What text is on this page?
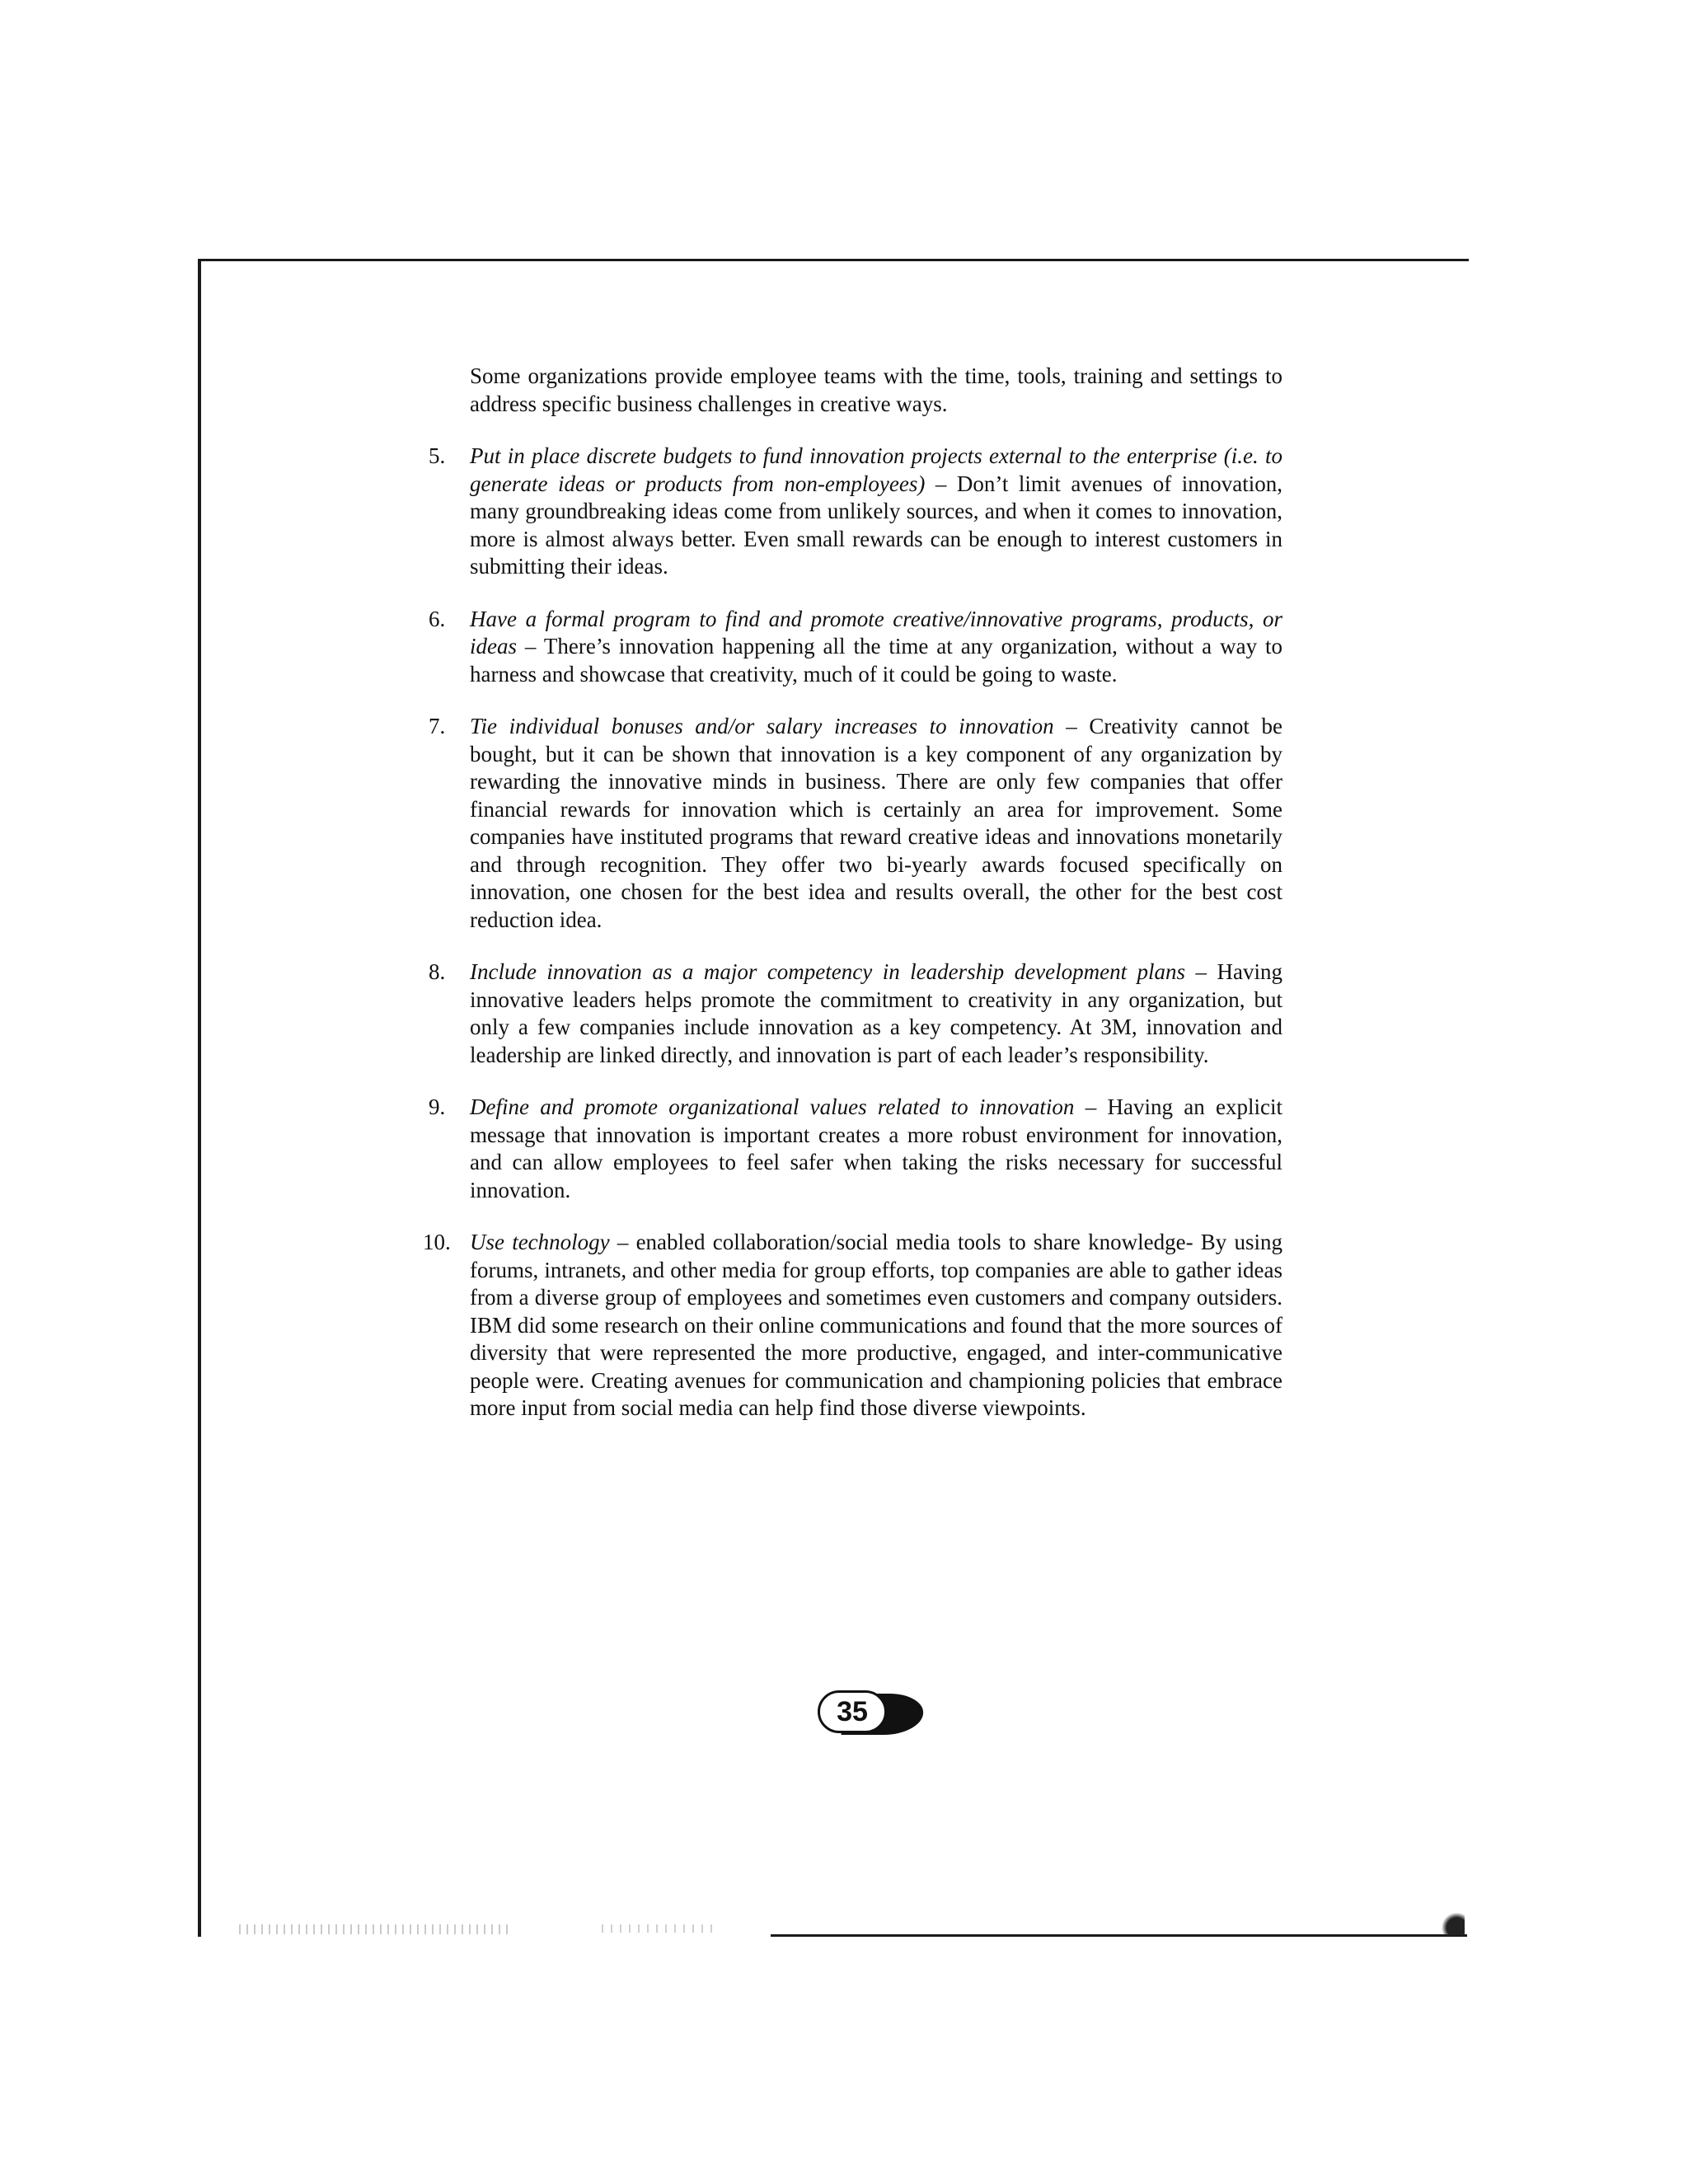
Some organizations provide employee teams with the time, tools, training and settings to address specific business challenges in creative ways.

5.	Put in place discrete budgets to fund innovation projects external to the enterprise (i.e. to generate ideas or products from non-employees) – Don’t limit avenues of innovation, many groundbreaking ideas come from unlikely sources, and when it comes to innovation, more is almost always better. Even small rewards can be enough to interest customers in submitting their ideas.
6.	Have a formal program to find and promote creative/innovative programs, products, or ideas – There’s innovation happening all the time at any organization, without a way to harness and showcase that creativity, much of it could be going to waste.
7.	Tie individual bonuses and/or salary increases to innovation – Creativity cannot be bought, but it can be shown that innovation is a key component of any organization by rewarding the innovative minds in business. There are only few companies that offer financial rewards for innovation which is certainly an area for improvement. Some companies have instituted programs that reward creative ideas and innovations monetarily and through recognition. They offer two bi-yearly awards focused specifically on innovation, one chosen for the best idea and results overall, the other for the best cost reduction idea.
8.	Include innovation as a major competency in leadership development plans – Having innovative leaders helps promote the commitment to creativity in any organization, but only a few companies include innovation as a key competency. At 3M, innovation and leadership are linked directly, and innovation is part of each leader’s responsibility.
9.	Define and promote organizational values related to innovation – Having an explicit message that innovation is important creates a more robust environment for innovation, and can allow employees to feel safer when taking the risks necessary for successful innovation.
10. Use technology – enabled collaboration/social media tools to share knowledge- By using forums, intranets, and other media for group efforts, top companies are able to gather ideas from a diverse group of employees and sometimes even customers and company outsiders. IBM did some research on their online communications and found that the more sources of diversity that were represented the more productive, engaged, and inter-communicative people were. Creating avenues for communication and championing policies that embrace more input from social media can help find those diverse viewpoints.
35
